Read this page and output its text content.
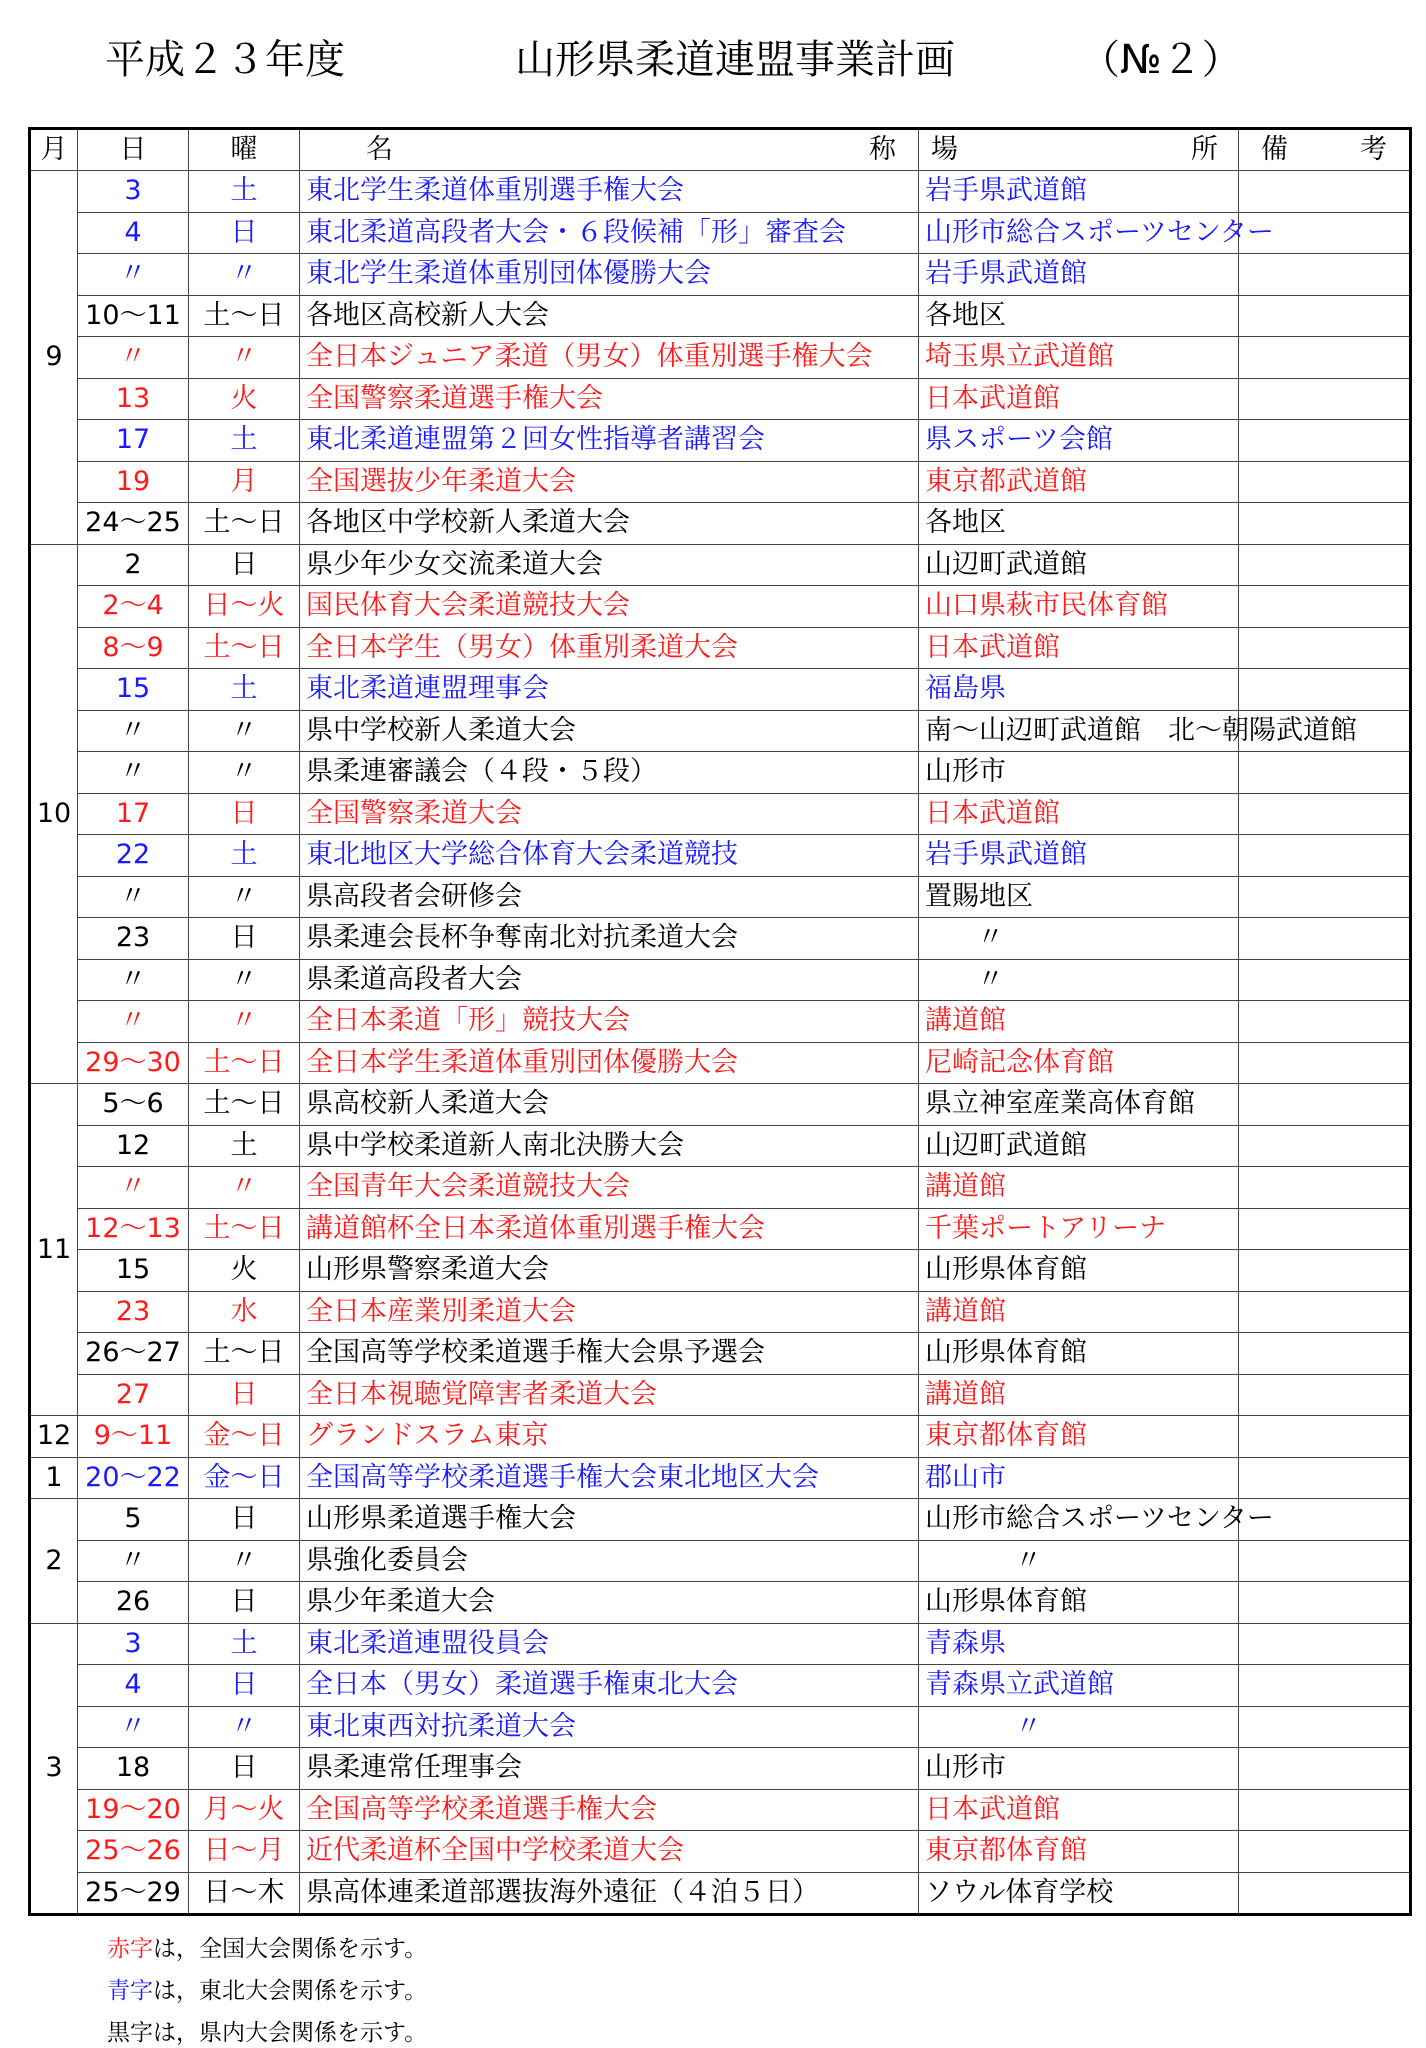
平成２３年度	山形県柔道連盟事業計画	（№２）
月	日	曜	名 称	場 所	備 考

9	3	土	東北学生柔道体重別選手権大会	岩手県武道館	
	4	日	東北柔道高段者大会・６段候補「形」審査会	山形市総合スポーツセンター	
	〃	〃	東北学生柔道体重別団体優勝大会	岩手県武道館	
	10～11	土～日	各地区高校新人大会	各地区	
	〃	〃	全日本ジュニア柔道（男女）体重別選手権大会	埼玉県立武道館	
	13	火	全国警察柔道選手権大会	日本武道館	
	17	土	東北柔道連盟第２回女性指導者講習会	県スポーツ会館	
	19	月	全国選抜少年柔道大会	東京都武道館	
	24～25	土～日	各地区中学校新人柔道大会	各地区	
10	2	日	県少年少女交流柔道大会	山辺町武道館	
	2～4	日～火	国民体育大会柔道競技大会	山口県萩市民体育館	
	8～9	土～日	全日本学生（男女）体重別柔道大会	日本武道館	
	15	土	東北柔道連盟理事会	福島県	
	〃	〃	県中学校新人柔道大会	南～山辺町武道館　北～朝陽武道館	
	〃	〃	県柔連審議会（４段・５段）	山形市	
	17	日	全国警察柔道大会	日本武道館	
	22	土	東北地区大学総合体育大会柔道競技	岩手県武道館	
	〃	〃	県高段者会研修会	置賜地区	
	23	日	県柔連会長杯争奪南北対抗柔道大会	〃	
	〃	〃	県柔道高段者大会	〃	
	〃	〃	全日本柔道「形」競技大会	講道館	
	29～30	土～日	全日本学生柔道体重別団体優勝大会	尼崎記念体育館	
11	5～6	土～日	県高校新人柔道大会	県立神室産業高体育館	
	12	土	県中学校柔道新人南北決勝大会	山辺町武道館	
	〃	〃	全国青年大会柔道競技大会	講道館	
	12～13	土～日	講道館杯全日本柔道体重別選手権大会	千葉ポートアリーナ	
	15	火	山形県警察柔道大会	山形県体育館	
	23	水	全日本産業別柔道大会	講道館	
	26～27	土～日	全国高等学校柔道選手権大会県予選会	山形県体育館	
	27	日	全日本視聴覚障害者柔道大会	講道館	
12	9～11	金～日	グランドスラム東京	東京都体育館	
1	20～22	金～日	全国高等学校柔道選手権大会東北地区大会	郡山市	
2	5	日	山形県柔道選手権大会	山形市総合スポーツセンター	
	〃	〃	県強化委員会	〃	
	26	日	県少年柔道大会	山形県体育館	
3	3	土	東北柔道連盟役員会	青森県	
	4	日	全日本（男女）柔道選手権東北大会	青森県立武道館	
	〃	〃	東北東西対抗柔道大会	〃	
	18	日	県柔連常任理事会	山形市	
	19～20	月～火	全国高等学校柔道選手権大会	日本武道館	
	25～26	日～月	近代柔道杯全国中学校柔道大会	東京都体育館	
	25～29	日～木	県高体連柔道部選抜海外遠征（４泊５日）	ソウル体育学校	
赤字は，全国大会関係を示す。
青字は，東北大会関係を示す。
黒字は，県内大会関係を示す。
